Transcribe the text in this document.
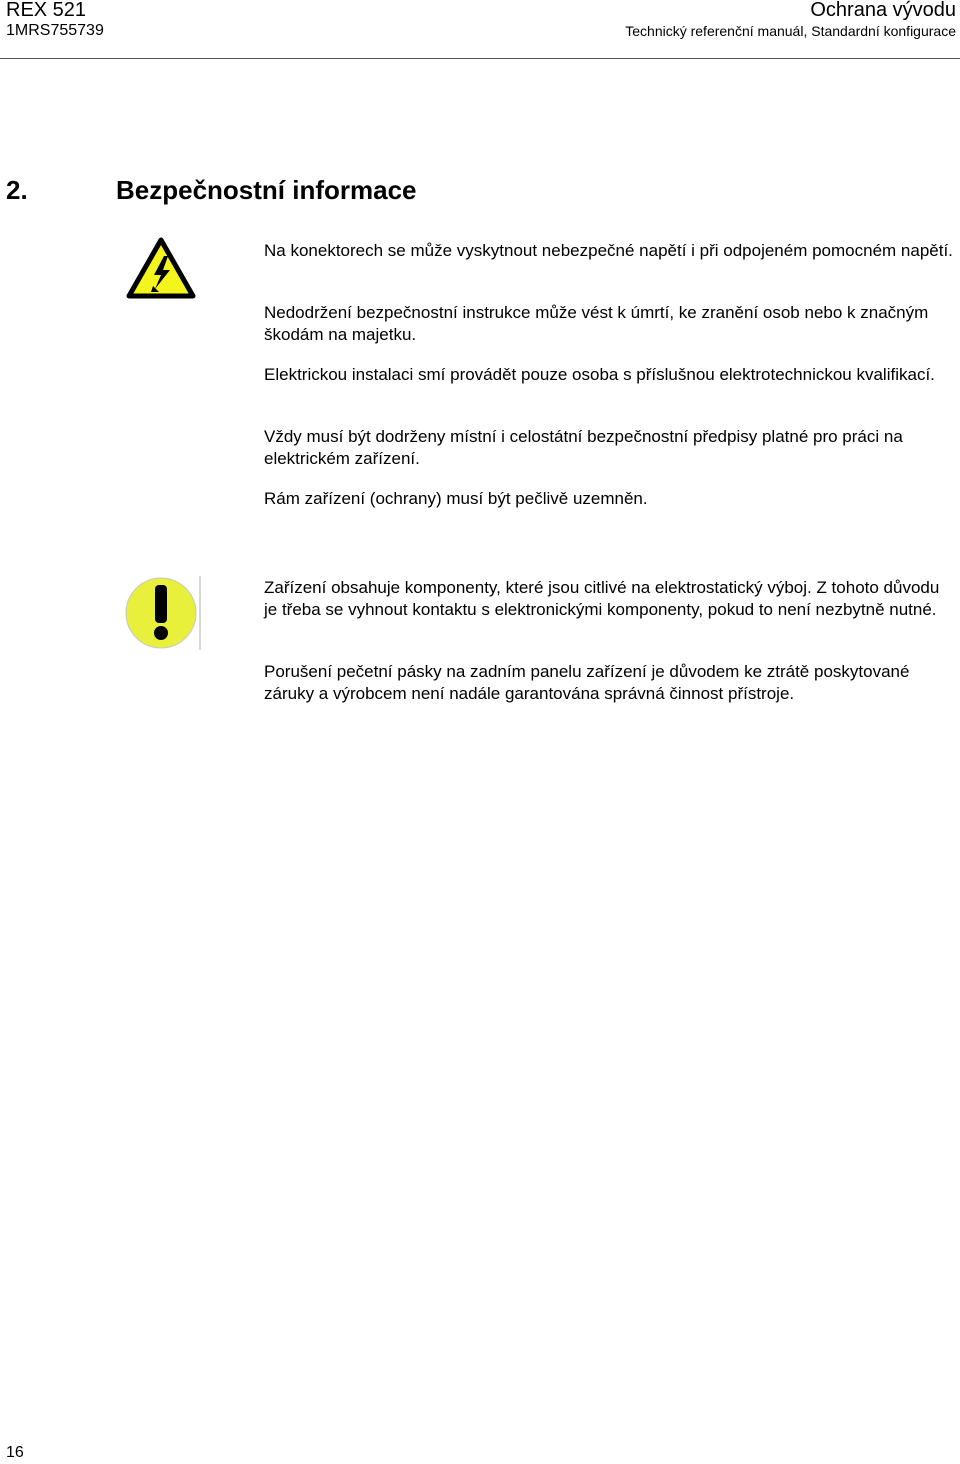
REX 521
1MRS755739
Ochrana vývodu
Technický referenční manuál, Standardní konfigurace
2.	Bezpečnostní informace

Na konektorech se může vyskytnout nebezpečné napětí i při odpojeném pomocném napětí.

Nedodržení bezpečnostní instrukce může vést k úmrtí, ke zranění osob nebo k značným škodám na majetku.

Elektrickou instalaci smí provádět pouze osoba s příslušnou elektrotechnickou kvalifikací.

Vždy musí být dodrženy místní i celostátní bezpečnostní předpisy platné pro práci na elektrickém zařízení.

Rám zařízení (ochrany) musí být pečlivě uzemněn.

Zařízení obsahuje komponenty, které jsou citlivé na elektrostatický výboj. Z tohoto důvodu je třeba se vyhnout kontaktu s elektronickými komponenty, pokud to není nezbytně nutné.

Porušení pečetní pásky na zadním panelu zařízení je důvodem ke ztrátě poskytované záruky a výrobcem není nadále garantována správná činnost přístroje.

16
